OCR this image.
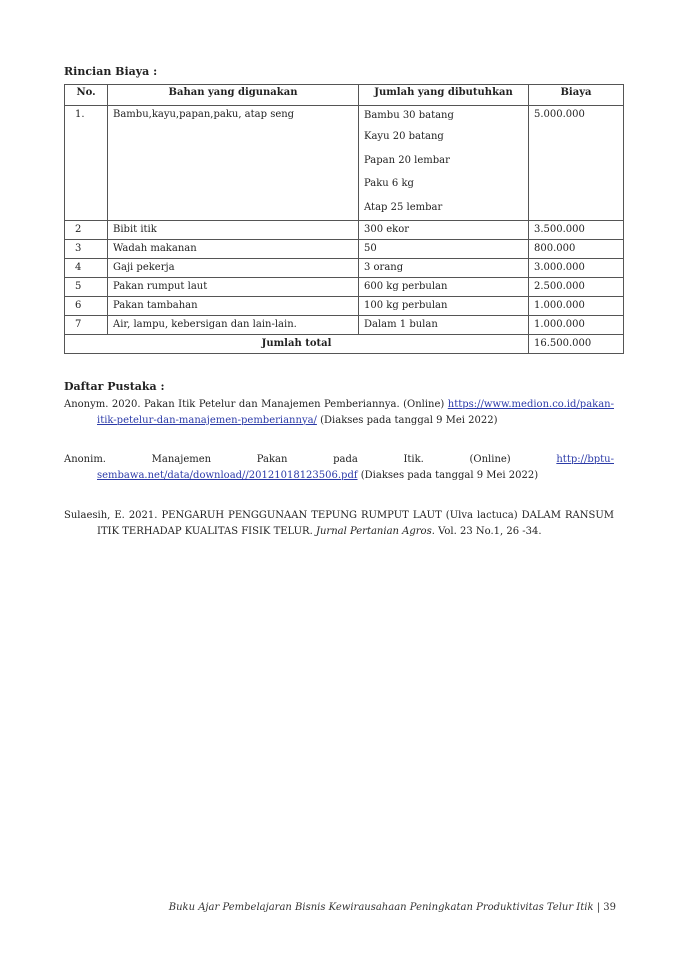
Rincian Biaya :
No.	Bahan yang digunakan	Jumlah yang dibutuhkan	Biaya
1.	Bambu,kayu,papan,paku, atap seng	Bambu 30 batang
Kayu 20 batang
Papan 20 lembar
Paku 6 kg
Atap 25 lembar	5.000.000
2	Bibit itik	300 ekor	3.500.000
3	Wadah makanan	50	800.000
4	Gaji pekerja	3 orang	3.000.000
5	Pakan rumput laut	600 kg perbulan	2.500.000
6	Pakan tambahan	100 kg perbulan	1.000.000
7	Air, lampu, kebersigan dan lain-lain.	Dalam 1 bulan	1.000.000
Jumlah total			16.500.000
Daftar Pustaka :
Anonym. 2020. Pakan Itik Petelur dan Manajemen Pemberiannya. (Online) https://www.medion.co.id/pakan-itik-petelur-dan-manajemen-pemberiannya/ (Diakses pada tanggal 9 Mei 2022)
Anonim. Manajemen Pakan pada Itik. (Online)	http://bptu-sembawa.net/data/download//20121018123506.pdf (Diakses pada tanggal 9 Mei 2022)
Sulaesih, E. 2021. PENGARUH PENGGUNAAN TEPUNG RUMPUT LAUT (Ulva lactuca) DALAM RANSUM ITIK TERHADAP KUALITAS FISIK TELUR. Jurnal Pertanian Agros. Vol. 23 No.1, 26 -34.
Buku Ajar Pembelajaran Bisnis Kewirausahaan Peningkatan Produktivitas Telur Itik | 39
